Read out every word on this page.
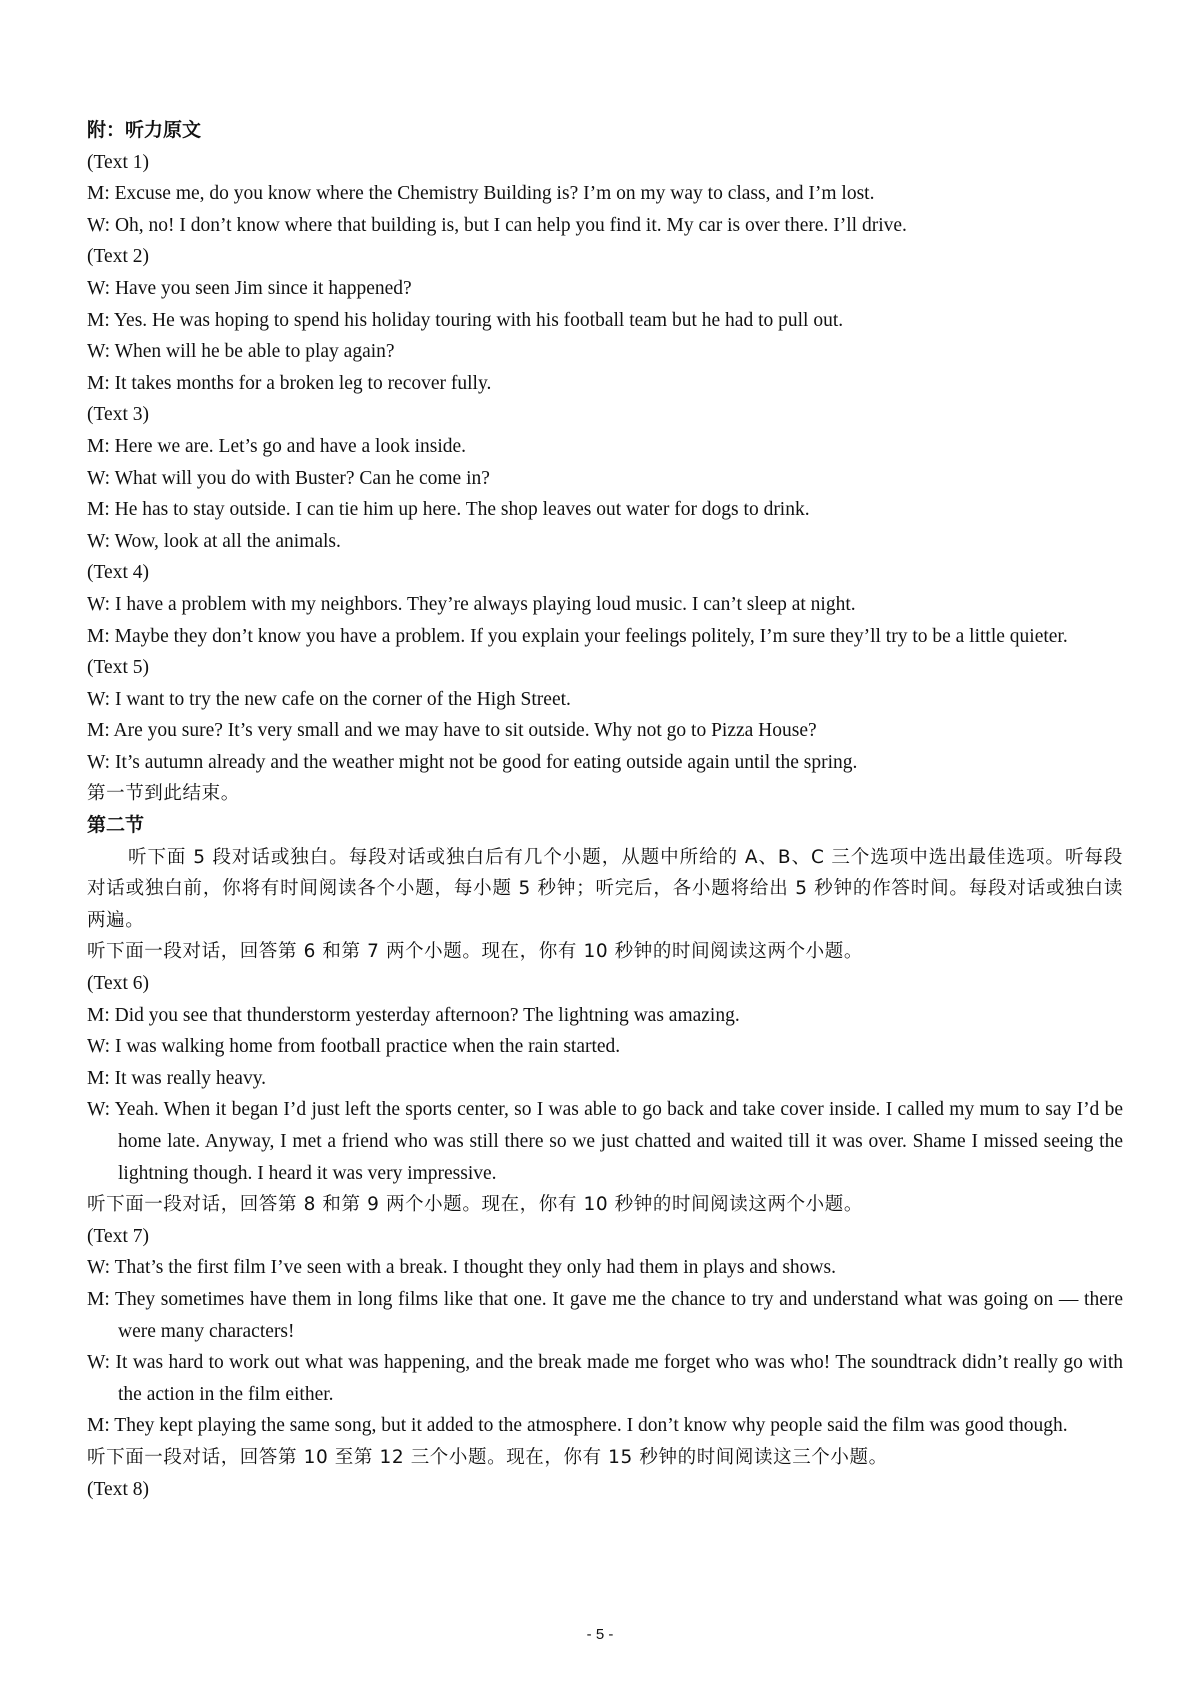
附：听力原文
(Text 1)
M: Excuse me, do you know where the Chemistry Building is? I’m on my way to class, and I’m lost.
W: Oh, no! I don’t know where that building is, but I can help you find it. My car is over there. I’ll drive.
(Text 2)
W: Have you seen Jim since it happened?
M: Yes. He was hoping to spend his holiday touring with his football team but he had to pull out.
W: When will he be able to play again?
M: It takes months for a broken leg to recover fully.
(Text 3)
M: Here we are. Let’s go and have a look inside.
W: What will you do with Buster? Can he come in?
M: He has to stay outside. I can tie him up here. The shop leaves out water for dogs to drink.
W: Wow, look at all the animals.
(Text 4)
W: I have a problem with my neighbors. They’re always playing loud music. I can’t sleep at night.
M: Maybe they don’t know you have a problem. If you explain your feelings politely, I’m sure they’ll try to be a little quieter.
(Text 5)
W: I want to try the new cafe on the corner of the High Street.
M: Are you sure? It’s very small and we may have to sit outside. Why not go to Pizza House?
W: It’s autumn already and the weather might not be good for eating outside again until the spring.
第一节到此结束。
第二节
听下面 5 段对话或独白。每段对话或独白后有几个小题，从题中所给的 A、B、C 三个选项中选出最佳选项。听每段对话或独白前，你将有时间阅读各个小题，每小题 5 秒钟；听完后，各小题将给出 5 秒钟的作答时间。每段对话或独白读两遍。
听下面一段对话，回答第 6 和第 7 两个小题。现在，你有 10 秒钟的时间阅读这两个小题。
(Text 6)
M: Did you see that thunderstorm yesterday afternoon? The lightning was amazing.
W: I was walking home from football practice when the rain started.
M: It was really heavy.
W: Yeah. When it began I’d just left the sports center, so I was able to go back and take cover inside. I called my mum to say I’d be home late. Anyway, I met a friend who was still there so we just chatted and waited till it was over. Shame I missed seeing the lightning though. I heard it was very impressive.
听下面一段对话，回答第 8 和第 9 两个小题。现在，你有 10 秒钟的时间阅读这两个小题。
(Text 7)
W: That’s the first film I’ve seen with a break. I thought they only had them in plays and shows.
M: They sometimes have them in long films like that one. It gave me the chance to try and understand what was going on — there were many characters!
W: It was hard to work out what was happening, and the break made me forget who was who! The soundtrack didn’t really go with the action in the film either.
M: They kept playing the same song, but it added to the atmosphere. I don’t know why people said the film was good though.
听下面一段对话，回答第 10 至第 12 三个小题。现在，你有 15 秒钟的时间阅读这三个小题。
(Text 8)
- 5 -
